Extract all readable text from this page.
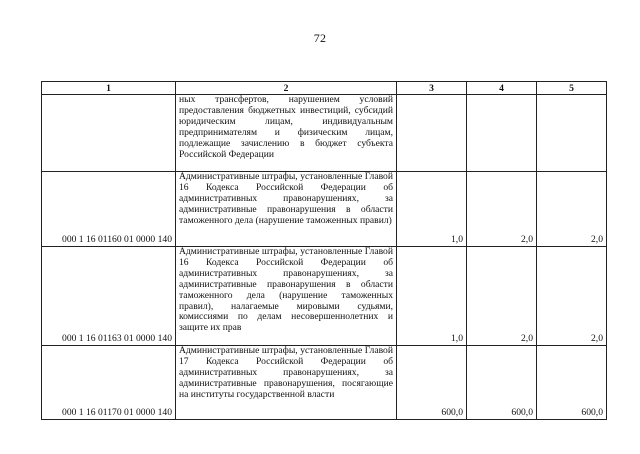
72
1	2	3	4	5
	ных трансфертов, нарушением условий предоставления бюджетных инвестиций, субсидий юридическим лицам, индивидуальным предпринимателям и физическим лицам, подлежащие зачислению в бюджет субъекта Российской Федерации			
000 1 16 01160 01 0000 140	Административные штрафы, установленные Главой 16 Кодекса Российской Федерации об административных правонарушениях, за административные правонарушения в области таможенного дела (нарушение таможенных правил)	1,0	2,0	2,0
000 1 16 01163 01 0000 140	Административные штрафы, установленные Главой 16 Кодекса Российской Федерации об административных правонарушениях, за административные правонарушения в области таможенного дела (нарушение таможенных правил), налагаемые мировыми судьями, комиссиями по делам несовершеннолетних и защите их прав	1,0	2,0	2,0
000 1 16 01170 01 0000 140	Административные штрафы, установленные Главой 17 Кодекса Российской Федерации об административных правонарушениях, за административные правонарушения, посягающие на институты государственной власти	600,0	600,0	600,0
